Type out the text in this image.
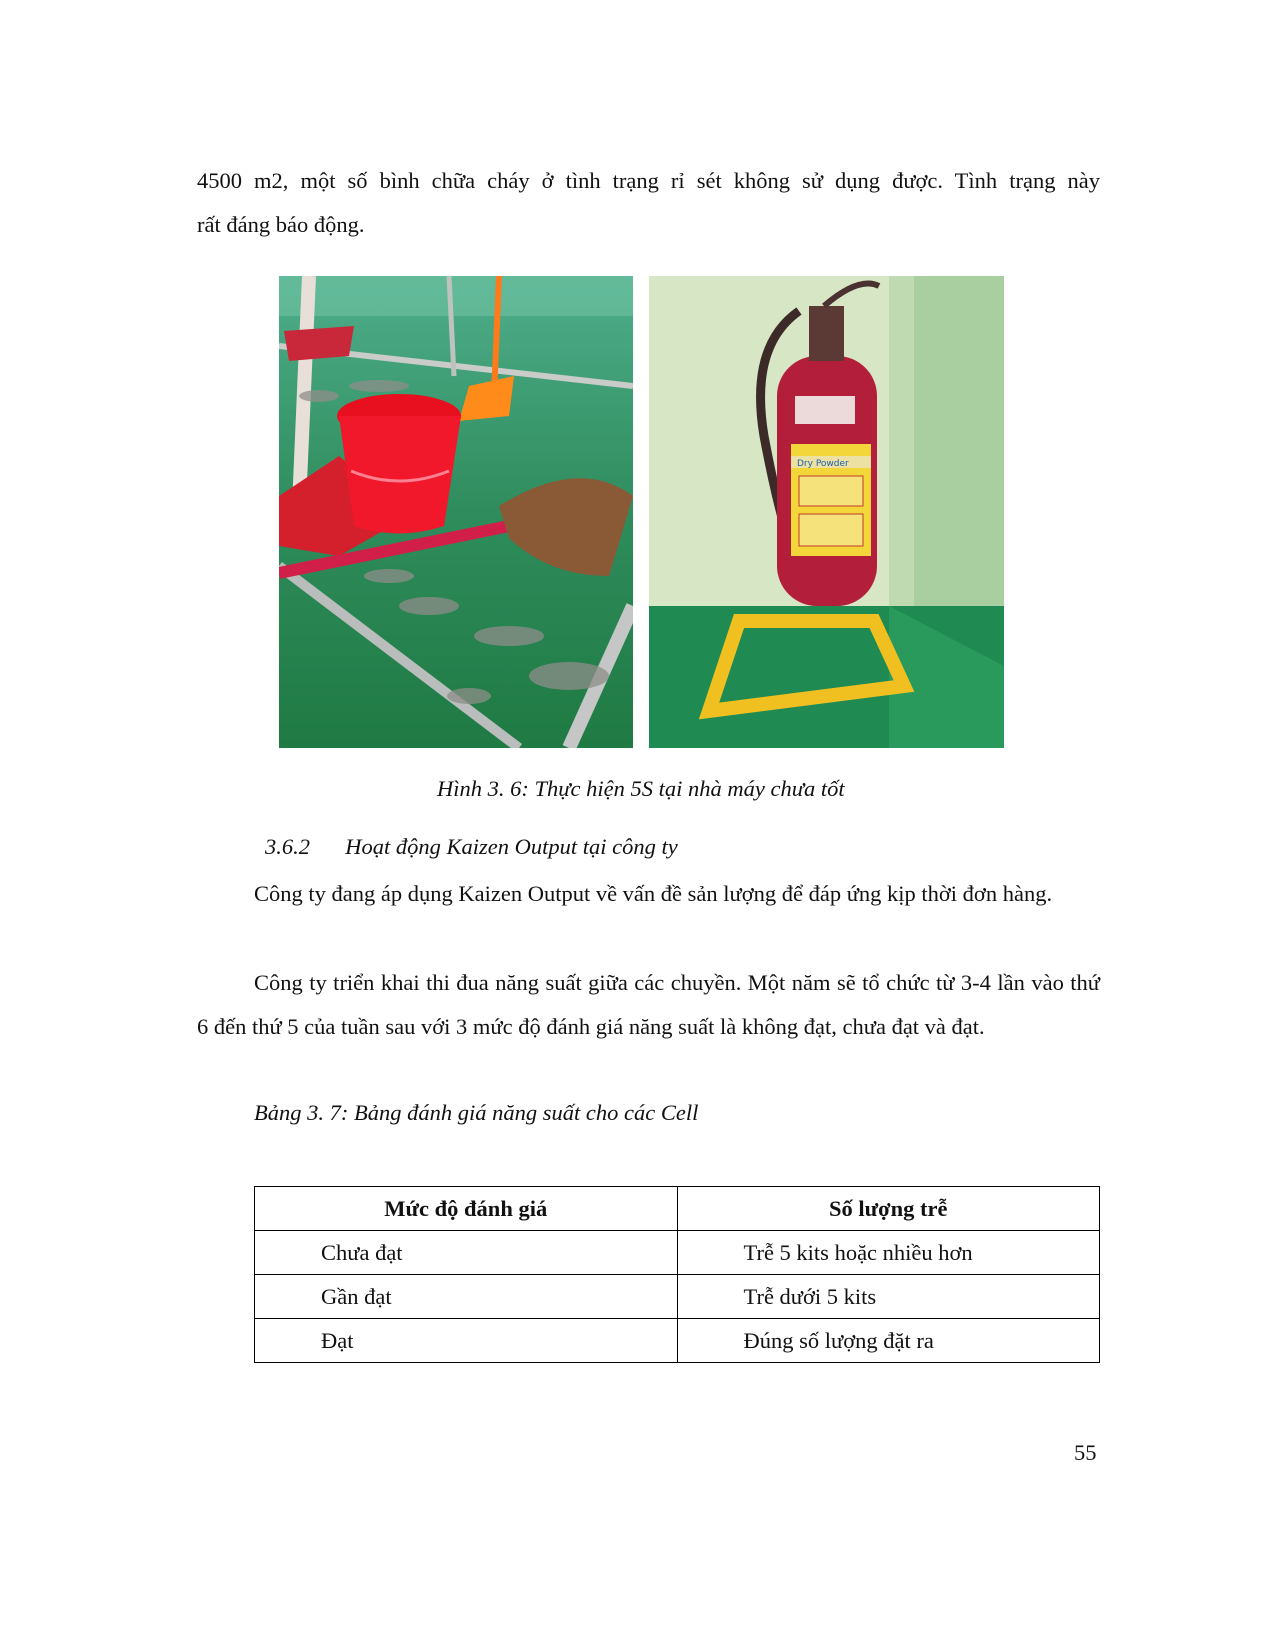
4500 m2, một số bình chữa cháy ở tình trạng rỉ sét không sử dụng được. Tình trạng này
rất đáng báo động.
Dry Powder
Hình 3. 6: Thực hiện 5S tại nhà máy chưa tốt
3.6.2 Hoạt động Kaizen Output tại công ty
Công ty đang áp dụng Kaizen Output về vấn đề sản lượng để đáp ứng kịp thời đơn hàng.
Công ty triển khai thi đua năng suất giữa các chuyền. Một năm sẽ tổ chức từ 3-4 lần vào thứ 6 đến thứ 5 của tuần sau với 3 mức độ đánh giá năng suất là không đạt, chưa đạt và đạt.
Bảng 3. 7: Bảng đánh giá năng suất cho các Cell
Mức độ đánh giá	Số lượng trễ
Chưa đạt	Trễ 5 kits hoặc nhiều hơn
Gần đạt	Trễ dưới 5 kits
Đạt	Đúng số lượng đặt ra
55
